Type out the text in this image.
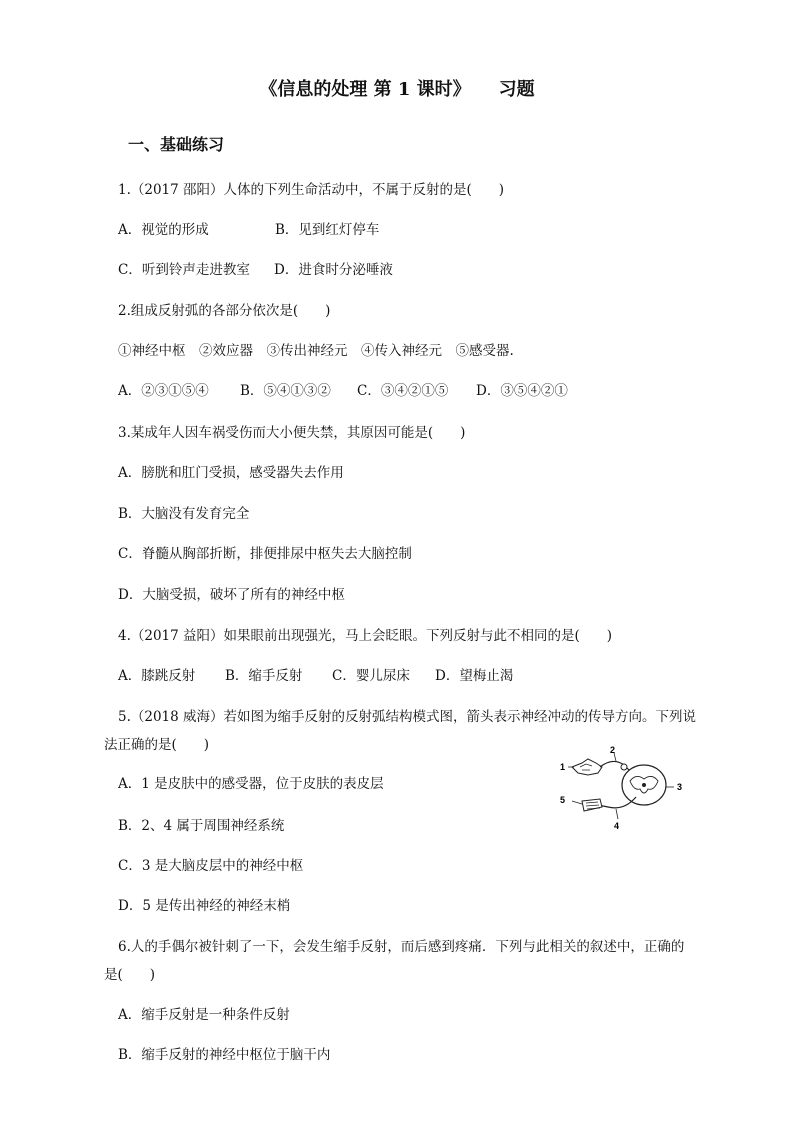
《信息的处理 第 1 课时》 习题
一、基础练习
1.（2017 邵阳）人体的下列生命活动中，不属于反射的是(　　)
A．视觉的形成	B．见到红灯停车
C．听到铃声走进教室 D．进食时分泌唾液
2.组成反射弧的各部分依次是(　　)
①神经中枢　②效应器　③传出神经元　④传入神经元　⑤感受器.
A．②③①⑤④ B．⑤④①③② C．③④②①⑤ D．③⑤④②①
3.某成年人因车祸受伤而大小便失禁，其原因可能是(　　)
A．膀胱和肛门受损，感受器失去作用
B．大脑没有发育完全
C．脊髓从胸部折断，排便排尿中枢失去大脑控制
D．大脑受损，破坏了所有的神经中枢
4.（2017 益阳）如果眼前出现强光，马上会眨眼。下列反射与此不相同的是(　　)
A．膝跳反射 B．缩手反射 C．婴儿尿床 D．望梅止渴
5.（2018 威海）若如图为缩手反射的反射弧结构模式图，箭头表示神经冲动的传导方向。下列说
法正确的是(　　)
A．1 是皮肤中的感受器，位于皮肤的表皮层
B．2、4 属于周围神经系统
C．3 是大脑皮层中的神经中枢
D．5 是传出神经的神经末梢
1
2
3
4
5
6.人的手偶尔被针刺了一下，会发生缩手反射，而后感到疼痛．下列与此相关的叙述中，正确的
是(　　)
A．缩手反射是一种条件反射
B．缩手反射的神经中枢位于脑干内
